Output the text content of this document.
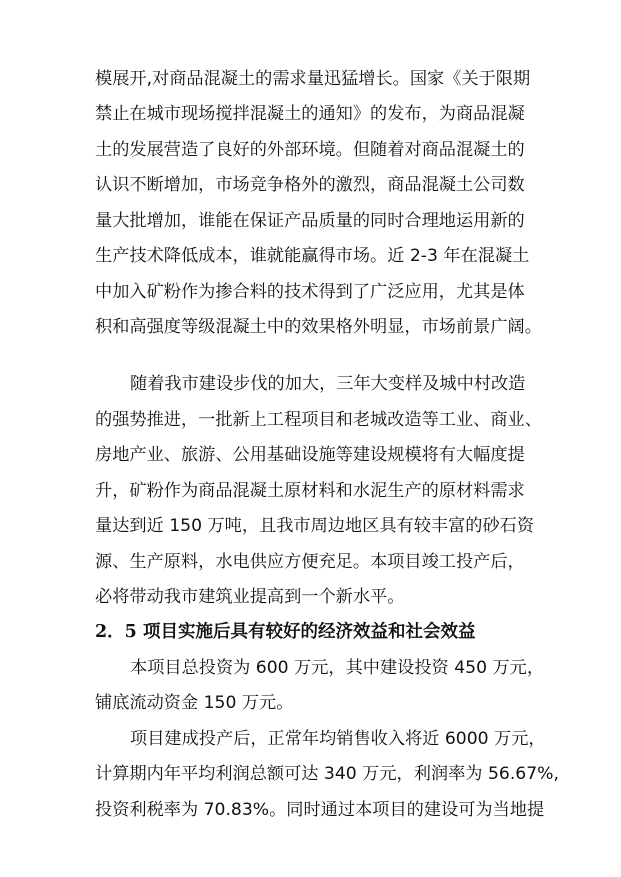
模展开,对商品混凝土的需求量迅猛增长。国家《关于限期
禁止在城市现场搅拌混凝土的通知》的发布，为商品混凝
土的发展营造了良好的外部环境。但随着对商品混凝土的
认识不断增加，市场竞争格外的激烈，商品混凝土公司数
量大批增加，谁能在保证产品质量的同时合理地运用新的
生产技术降低成本，谁就能赢得市场。近 2-3 年在混凝土
中加入矿粉作为掺合料的技术得到了广泛应用，尤其是体
积和高强度等级混凝土中的效果格外明显，市场前景广阔。
随着我市建设步伐的加大，三年大变样及城中村改造
的强势推进，一批新上工程项目和老城改造等工业、商业、
房地产业、旅游、公用基础设施等建设规模将有大幅度提
升，矿粉作为商品混凝土原材料和水泥生产的原材料需求
量达到近 150 万吨，且我市周边地区具有较丰富的砂石资
源、生产原料，水电供应方便充足。本项目竣工投产后，
必将带动我市建筑业提高到一个新水平。
2．5 项目实施后具有较好的经济效益和社会效益
本项目总投资为 600 万元，其中建设投资 450 万元，
铺底流动资金 150 万元。
项目建成投产后，正常年均销售收入将近 6000 万元，
计算期内年平均利润总额可达 340 万元，利润率为 56.67%,
投资利税率为 70.83%。同时通过本项目的建设可为当地提
